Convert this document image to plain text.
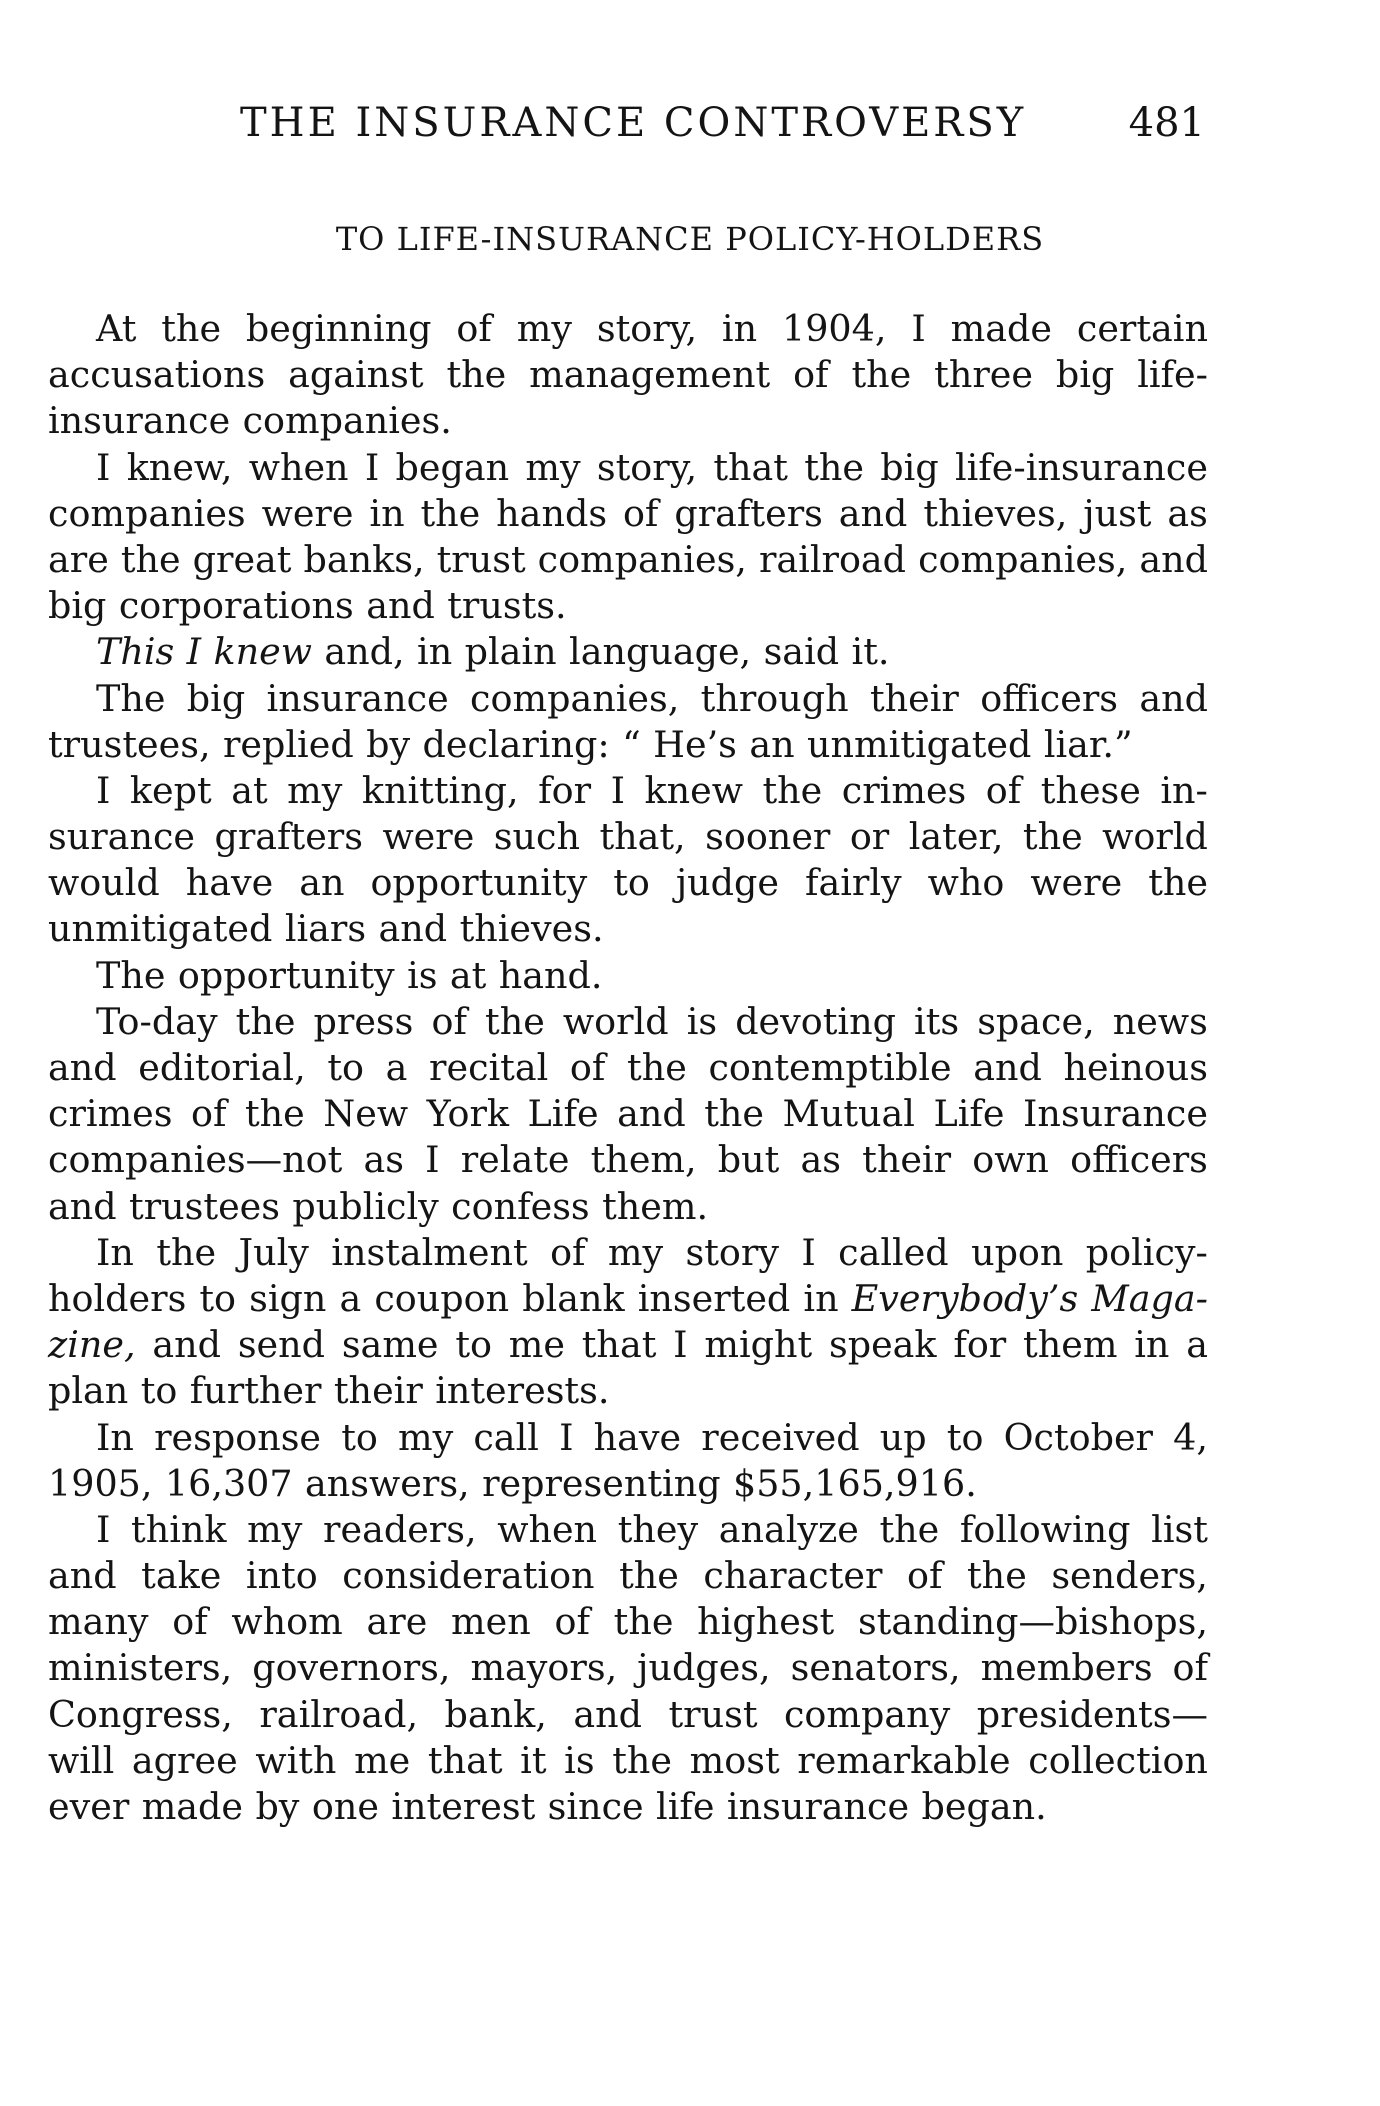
THE INSURANCE CONTROVERSY	481
TO LIFE-INSURANCE POLICY-HOLDERS
At the beginning of my story, in 1904, I made certain
accusations against the management of the three big life-
insurance companies.
I knew, when I began my story, that the big life-insurance
companies were in the hands of grafters and thieves, just as
are the great banks, trust companies, railroad companies, and
big corporations and trusts.
This I knew and, in plain language, said it.
The big insurance companies, through their officers and
trustees, replied by declaring: “ He’s an unmitigated liar.”
I kept at my knitting, for I knew the crimes of these in-
surance grafters were such that, sooner or later, the world
would have an opportunity to judge fairly who were the
unmitigated liars and thieves.
The opportunity is at hand.
To-day the press of the world is devoting its space, news
and editorial, to a recital of the contemptible and heinous
crimes of the New York Life and the Mutual Life Insurance
companies—not as I relate them, but as their own officers
and trustees publicly confess them.
In the July instalment of my story I called upon policy-
holders to sign a coupon blank inserted in Everybody’s Maga-
zine, and send same to me that I might speak for them in a
plan to further their interests.
In response to my call I have received up to October 4,
1905, 16,307 answers, representing $55,165,916.
I think my readers, when they analyze the following list
and take into consideration the character of the senders,
many of whom are men of the highest standing—bishops,
ministers, governors, mayors, judges, senators, members of
Congress, railroad, bank, and trust company presidents—
will agree with me that it is the most remarkable collection
ever made by one interest since life insurance began.
